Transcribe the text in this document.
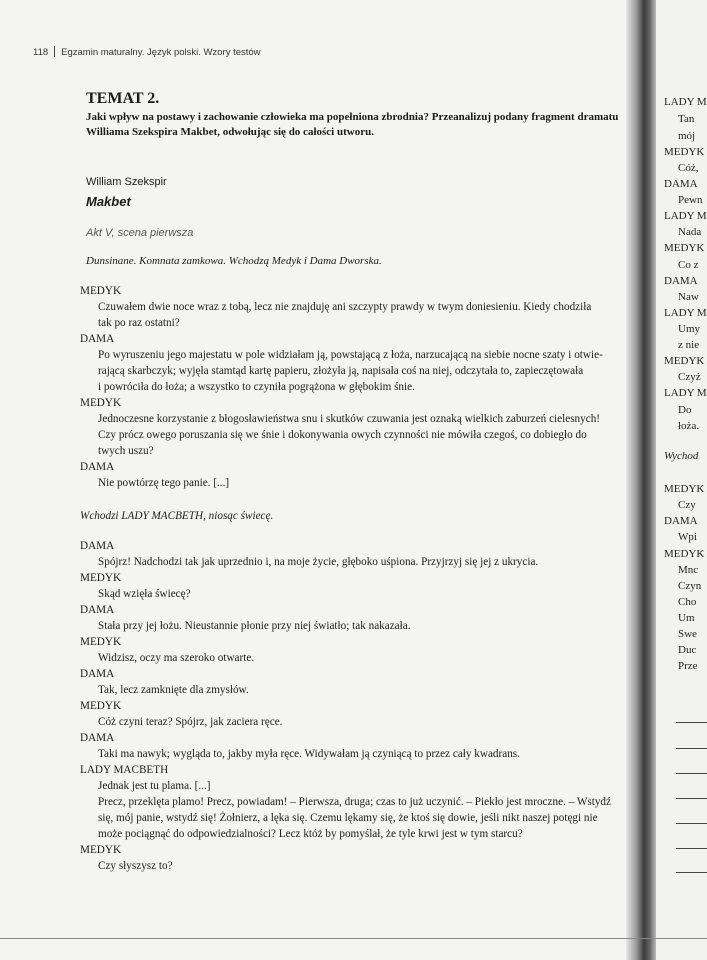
118 Egzamin maturalny. Język polski. Wzory testów
TEMAT 2.
Jaki wpływ na postawy i zachowanie człowieka ma popełniona zbrodnia? Przeanalizuj podany fragment dramatu Williama Szekspira Makbet, odwołując się do całości utworu.
William Szekspir
Makbet
Akt V, scena pierwsza
Dunsinane. Komnata zamkowa. Wchodzą Medyk i Dama Dworska.
MEDYK
Czuwałem dwie noce wraz z tobą, lecz nie znajduję ani szczypty prawdy w twym doniesieniu. Kiedy chodziła
tak po raz ostatni?
DAMA
Po wyruszeniu jego majestatu w pole widziałam ją, powstającą z łoża, narzucającą na siebie nocne szaty i otwie-
rającą skarbczyk; wyjęła stamtąd kartę papieru, złożyła ją, napisała coś na niej, odczytała to, zapieczętowała
i powróciła do łoża; a wszystko to czyniła pogrążona w głębokim śnie.
MEDYK
Jednoczesne korzystanie z błogosławieństwa snu i skutków czuwania jest oznaką wielkich zaburzeń cielesnych!
Czy prócz owego poruszania się we śnie i dokonywania owych czynności nie mówiła czegoś, co dobiegło do
twych uszu?
DAMA
Nie powtórzę tego panie. [...]
Wchodzi LADY MACBETH, niosąc świecę.
DAMA
Spójrz! Nadchodzi tak jak uprzednio i, na moje życie, głęboko uśpiona. Przyjrzyj się jej z ukrycia.
MEDYK
Skąd wzięła świecę?
DAMA
Stała przy jej łożu. Nieustannie płonie przy niej światło; tak nakazała.
MEDYK
Widzisz, oczy ma szeroko otwarte.
DAMA
Tak, lecz zamknięte dla zmysłów.
MEDYK
Cóż czyni teraz? Spójrz, jak zaciera ręce.
DAMA
Taki ma nawyk; wygląda to, jakby myła ręce. Widywałam ją czyniącą to przez cały kwadrans.
LADY MACBETH
Jednak jest tu plama. [...]
Precz, przeklęta plamo! Precz, powiadam! – Pierwsza, druga; czas to już uczynić. – Piekło jest mroczne. – Wstydź
się, mój panie, wstydź się! Żołnierz, a lęka się. Czemu lękamy się, że ktoś się dowie, jeśli nikt naszej potęgi nie
może pociągnąć do odpowiedzialności? Lecz któż by pomyślał, że tyle krwi jest w tym starcu?
MEDYK
Czy słyszysz to?
LADY M
Tan
mój
MEDYK
Cóż,
DAMA
Pewn
LADY M
Nada
MEDYK
Co z
DAMA
Naw
LADY M
Umy
z nie
MEDYK
Czyż
LADY M
Do
łoża.
Wychod
MEDYK
Czy
DAMA
Wpi
MEDYK
Mnc
Czyn
Cho
Um
Swe
Duc
Prze
